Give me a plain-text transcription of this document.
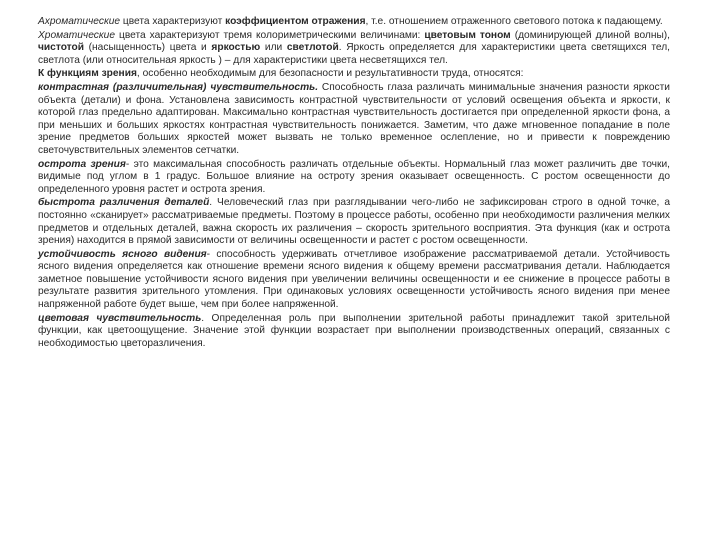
Ахроматические цвета характеризуют коэффициентом отражения, т.е. отношением отраженного светового потока к падающему.

Хроматические цвета характеризуют тремя колориметрическими величинами: цветовым тоном (доминирующей длиной волны), чистотой (насыщенность) цвета и яркостью или светлотой. Яркость определяется для характеристики цвета светящихся тел, светлота (или относительная яркость ) – для характеристики цвета несветящихся тел.

К функциям зрения, особенно необходимым для безопасности и результативности труда, относятся:

контрастная (различительная) чувствительность. Способность глаза различать минимальные значения разности яркости объекта (детали) и фона. Установлена зависимость контрастной чувствительности от условий освещения объекта и яркости, к которой глаз предельно адаптирован. Максимально контрастная чувствительность достигается при определенной яркости фона, а при меньших и больших яркостях контрастная чувствительность понижается. Заметим, что даже мгновенное попадание в поле зрение предметов больших яркостей может вызвать не только временное ослепление, но и привести к повреждению светочувствительных элементов сетчатки.

острота зрения- это максимальная способность различать отдельные объекты. Нормальный глаз может различить две точки, видимые под углом в 1 градус. Большое влияние на остроту зрения оказывает освещенность. С ростом освещенности до определенного уровня растет и острота зрения.

быстрота различения деталей. Человеческий глаз при разглядывании чего-либо не зафиксирован строго в одной точке, а постоянно «сканирует» рассматриваемые предметы. Поэтому в процессе работы, особенно при необходимости различения мелких предметов и отдельных деталей, важна скорость их различения – скорость зрительного восприятия. Эта функция (как и острота зрения) находится в прямой зависимости от величины освещенности и растет с ростом освещенности.

устойчивость ясного видения- способность удерживать отчетливое изображение рассматриваемой детали. Устойчивость ясного видения определяется как отношение времени ясного видения к общему времени рассматривания детали. Наблюдается заметное повышение устойчивости ясного видения при увеличении величины освещенности и ее снижение в процессе работы в результате развития зрительного утомления. При одинаковых условиях освещенности устойчивость ясного видения при менее напряженной работе будет выше, чем при более напряженной.

цветовая чувствительность. Определенная роль при выполнении зрительной работы принадлежит такой зрительной функции, как цветоощущение. Значение этой функции возрастает при выполнении производственных операций, связанных с необходимостью цветоразличения.
